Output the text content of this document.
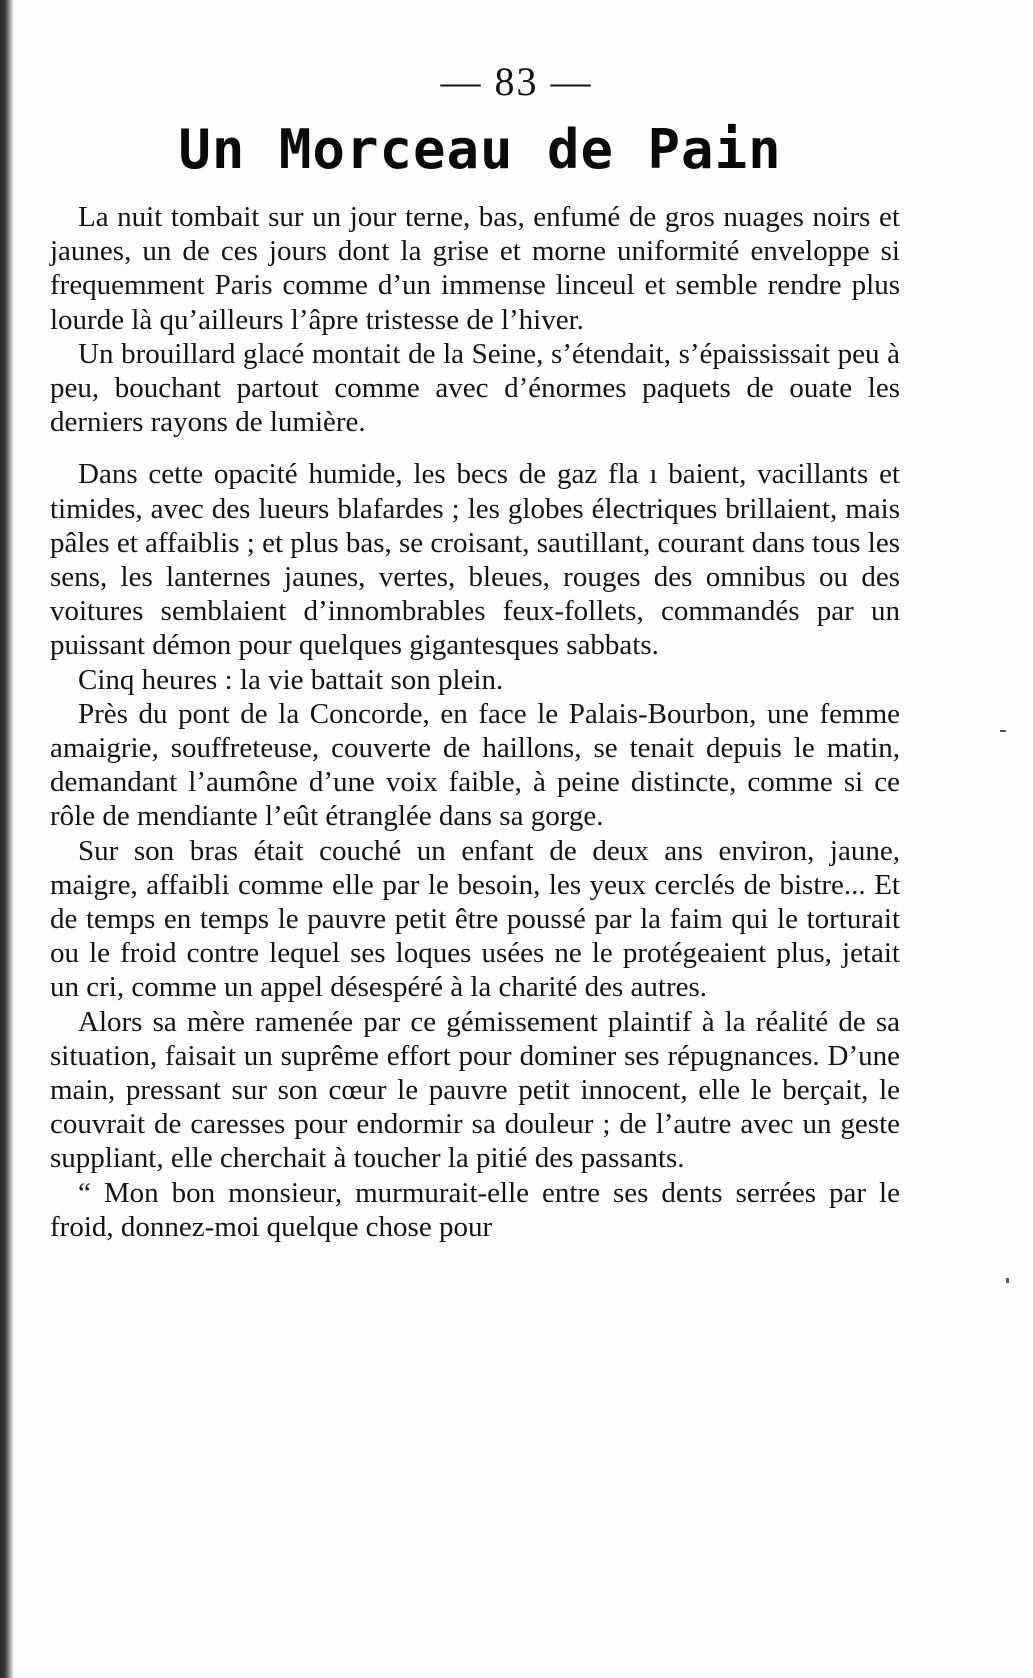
— 83 —
Un Morceau de Pain

La nuit tombait sur un jour terne, bas, enfumé de gros nuages noirs et jaunes, un de ces jours dont la grise et morne uniformité enveloppe si frequemment Paris comme d’un immense linceul et semble rendre plus lourde là qu’ailleurs l’âpre tristesse de l’hiver.

Un brouillard glacé montait de la Seine, s’étendait, s’épaississait peu à peu, bouchant partout comme avec d’énormes paquets de ouate les derniers rayons de lumière.

Dans cette opacité humide, les becs de gaz fla ı baient, vacillants et timides, avec des lueurs blafardes ; les globes électriques brillaient, mais pâles et affaiblis ; et plus bas, se croisant, sautillant, courant dans tous les sens, les lanternes jaunes, vertes, bleues, rouges des omnibus ou des voitures semblaient d’innombrables feux-follets, commandés par un puissant démon pour quelques gigantesques sabbats.

Cinq heures : la vie battait son plein.

Près du pont de la Concorde, en face le Palais-Bourbon, une femme amaigrie, souffreteuse, couverte de haillons, se tenait depuis le matin, demandant l’aumône d’une voix faible, à peine distincte, comme si ce rôle de mendiante l’eût étranglée dans sa gorge.

Sur son bras était couché un enfant de deux ans environ, jaune, maigre, affaibli comme elle par le besoin, les yeux cerclés de bistre... Et de temps en temps le pauvre petit être poussé par la faim qui le torturait ou le froid contre lequel ses loques usées ne le protégeaient plus, jetait un cri, comme un appel désespéré à la charité des autres.

Alors sa mère ramenée par ce gémissement plaintif à la réalité de sa situation, faisait un suprême effort pour dominer ses répugnances. D’une main, pressant sur son cœur le pauvre petit innocent, elle le berçait, le couvrait de caresses pour endormir sa douleur ; de l’autre avec un geste suppliant, elle cherchait à toucher la pitié des passants.

“ Mon bon monsieur, murmurait-elle entre ses dents serrées par le froid, donnez-moi quelque chose pour
